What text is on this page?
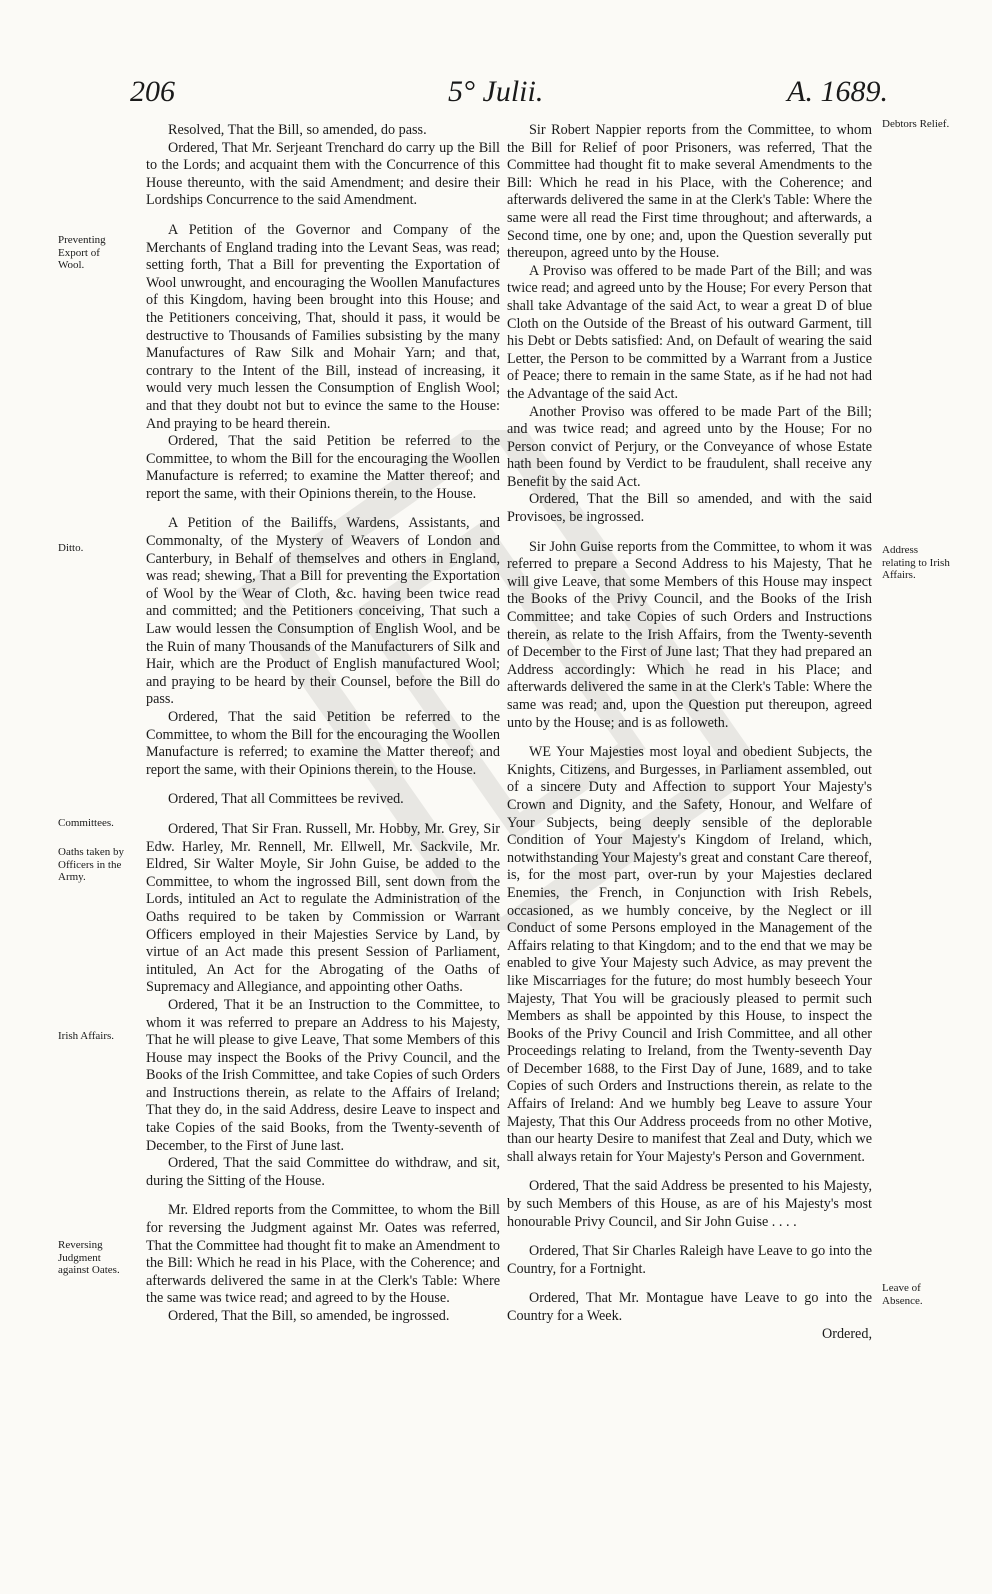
206	5° Julii.	A. 1689.
Preventing Export of Wool.
Ditto.
Committees.
Oaths taken by Officers in the Army.
Irish Affairs.
Reversing Judgment against Oates.
Debtors Relief.
Address relating to Irish Affairs.
Leave of Absence.

Resolved, That the Bill, so amended, do pass.

Ordered, That Mr. Serjeant Trenchard do carry up the Bill to the Lords; and acquaint them with the Concurrence of this House thereunto, with the said Amendment; and desire their Lordships Concurrence to the said Amendment.

A Petition of the Governor and Company of the Merchants of England trading into the Levant Seas, was read; setting forth, That a Bill for preventing the Exportation of Wool unwrought, and encouraging the Woollen Manufactures of this Kingdom, having been brought into this House; and the Petitioners conceiving, That, should it pass, it would be destructive to Thousands of Families subsisting by the many Manufactures of Raw Silk and Mohair Yarn; and that, contrary to the Intent of the Bill, instead of increasing, it would very much lessen the Consumption of English Wool; and that they doubt not but to evince the same to the House: And praying to be heard therein.

Ordered, That the said Petition be referred to the Committee, to whom the Bill for the encouraging the Woollen Manufacture is referred; to examine the Matter thereof; and report the same, with their Opinions therein, to the House.

A Petition of the Bailiffs, Wardens, Assistants, and Commonalty, of the Mystery of Weavers of London and Canterbury, in Behalf of themselves and others in England, was read; shewing, That a Bill for preventing the Exportation of Wool by the Wear of Cloth, &c. having been twice read and committed; and the Petitioners conceiving, That such a Law would lessen the Consumption of English Wool, and be the Ruin of many Thousands of the Manufacturers of Silk and Hair, which are the Product of English manufactured Wool; and praying to be heard by their Counsel, before the Bill do pass.

Ordered, That the said Petition be referred to the Committee, to whom the Bill for the encouraging the Woollen Manufacture is referred; to examine the Matter thereof; and report the same, with their Opinions therein, to the House.

Ordered, That all Committees be revived.

Ordered, That Sir Fran. Russell, Mr. Hobby, Mr. Grey, Sir Edw. Harley, Mr. Rennell, Mr. Ellwell, Mr. Sackvile, Mr. Eldred, Sir Walter Moyle, Sir John Guise, be added to the Committee, to whom the ingrossed Bill, sent down from the Lords, intituled an Act to regulate the Administration of the Oaths required to be taken by Commission or Warrant Officers employed in their Majesties Service by Land, by virtue of an Act made this present Session of Parliament, intituled, An Act for the Abrogating of the Oaths of Supremacy and Allegiance, and appointing other Oaths.

Ordered, That it be an Instruction to the Committee, to whom it was referred to prepare an Address to his Majesty, That he will please to give Leave, That some Members of this House may inspect the Books of the Privy Council, and the Books of the Irish Committee, and take Copies of such Orders and Instructions therein, as relate to the Affairs of Ireland; That they do, in the said Address, desire Leave to inspect and take Copies of the said Books, from the Twenty-seventh of December, to the First of June last.

Ordered, That the said Committee do withdraw, and sit, during the Sitting of the House.

Mr. Eldred reports from the Committee, to whom the Bill for reversing the Judgment against Mr. Oates was referred, That the Committee had thought fit to make an Amendment to the Bill: Which he read in his Place, with the Coherence; and afterwards delivered the same in at the Clerk's Table: Where the same was twice read; and agreed to by the House.

Ordered, That the Bill, so amended, be ingrossed.

Sir Robert Nappier reports from the Committee, to whom the Bill for Relief of poor Prisoners, was referred, That the Committee had thought fit to make several Amendments to the Bill: Which he read in his Place, with the Coherence; and afterwards delivered the same in at the Clerk's Table: Where the same were all read the First time throughout; and afterwards, a Second time, one by one; and, upon the Question severally put thereupon, agreed unto by the House.

A Proviso was offered to be made Part of the Bill; and was twice read; and agreed unto by the House; For every Person that shall take Advantage of the said Act, to wear a great D of blue Cloth on the Outside of the Breast of his outward Garment, till his Debt or Debts satisfied: And, on Default of wearing the said Letter, the Person to be committed by a Warrant from a Justice of Peace; there to remain in the same State, as if he had not had the Advantage of the said Act.

Another Proviso was offered to be made Part of the Bill; and was twice read; and agreed unto by the House; For no Person convict of Perjury, or the Conveyance of whose Estate hath been found by Verdict to be fraudulent, shall receive any Benefit by the said Act.

Ordered, That the Bill so amended, and with the said Provisoes, be ingrossed.

Sir John Guise reports from the Committee, to whom it was referred to prepare a Second Address to his Majesty, That he will give Leave, that some Members of this House may inspect the Books of the Privy Council, and the Books of the Irish Committee; and take Copies of such Orders and Instructions therein, as relate to the Irish Affairs, from the Twenty-seventh of December to the First of June last; That they had prepared an Address accordingly: Which he read in his Place; and afterwards delivered the same in at the Clerk's Table: Where the same was read; and, upon the Question put thereupon, agreed unto by the House; and is as followeth.

WE Your Majesties most loyal and obedient Subjects, the Knights, Citizens, and Burgesses, in Parliament assembled, out of a sincere Duty and Affection to support Your Majesty's Crown and Dignity, and the Safety, Honour, and Welfare of Your Subjects, being deeply sensible of the deplorable Condition of Your Majesty's Kingdom of Ireland, which, notwithstanding Your Majesty's great and constant Care thereof, is, for the most part, over-run by your Majesties declared Enemies, the French, in Conjunction with Irish Rebels, occasioned, as we humbly conceive, by the Neglect or ill Conduct of some Persons employed in the Management of the Affairs relating to that Kingdom; and to the end that we may be enabled to give Your Majesty such Advice, as may prevent the like Miscarriages for the future; do most humbly beseech Your Majesty, That You will be graciously pleased to permit such Members as shall be appointed by this House, to inspect the Books of the Privy Council and Irish Committee, and all other Proceedings relating to Ireland, from the Twenty-seventh Day of December 1688, to the First Day of June, 1689, and to take Copies of such Orders and Instructions therein, as relate to the Affairs of Ireland: And we humbly beg Leave to assure Your Majesty, That this Our Address proceeds from no other Motive, than our hearty Desire to manifest that Zeal and Duty, which we shall always retain for Your Majesty's Person and Government.

Ordered, That the said Address be presented to his Majesty, by such Members of this House, as are of his Majesty's most honourable Privy Council, and Sir John Guise . . . .

Ordered, That Sir Charles Raleigh have Leave to go into the Country, for a Fortnight.

Ordered, That Mr. Montague have Leave to go into the Country for a Week.

Ordered,
